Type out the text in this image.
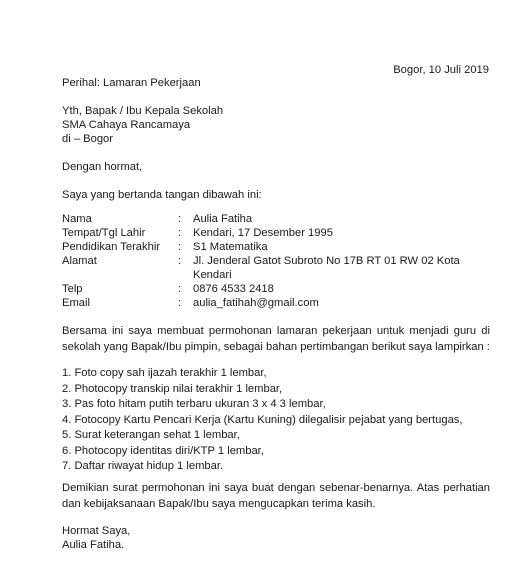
Bogor, 10 Juli 2019
Perihal: Lamaran Pekerjaan
Yth, Bapak / Ibu Kepala Sekolah
SMA Cahaya Rancamaya
di – Bogor
Dengan hormat,
Saya yang bertanda tangan dibawah ini:
Nama	:	Aulia Fatiha
Tempat/Tgl Lahir	:	Kendari, 17 Desember 1995
Pendidikan Terakhir	:	S1 Matematika
Alamat	:	Jl. Jenderal Gatot Subroto No 17B RT 01 RW 02 Kota Kendari
Telp	:	0876 4533 2418
Email	:	aulia_fatihah@gmail.com
Bersama ini saya membuat permohonan lamaran pekerjaan untuk menjadi guru di sekolah yang Bapak/Ibu pimpin, sebagai bahan pertimbangan berikut saya lampirkan :
1. Foto copy sah ijazah terakhir 1 lembar,
2. Photocopy transkip nilai terakhir 1 lembar,
3. Pas foto hitam putih terbaru ukuran 3 x 4 3 lembar,
4. Fotocopy Kartu Pencari Kerja (Kartu Kuning) dilegalisir pejabat yang bertugas,
5. Surat keterangan sehat 1 lembar,
6. Photocopy identitas diri/KTP 1 lembar,
7. Daftar riwayat hidup 1 lembar.
Demikian surat permohonan ini saya buat dengan sebenar-benarnya. Atas perhatian dan kebijaksanaan Bapak/Ibu saya mengucapkan terima kasih.
Hormat Saya,
Aulia Fatiha.
